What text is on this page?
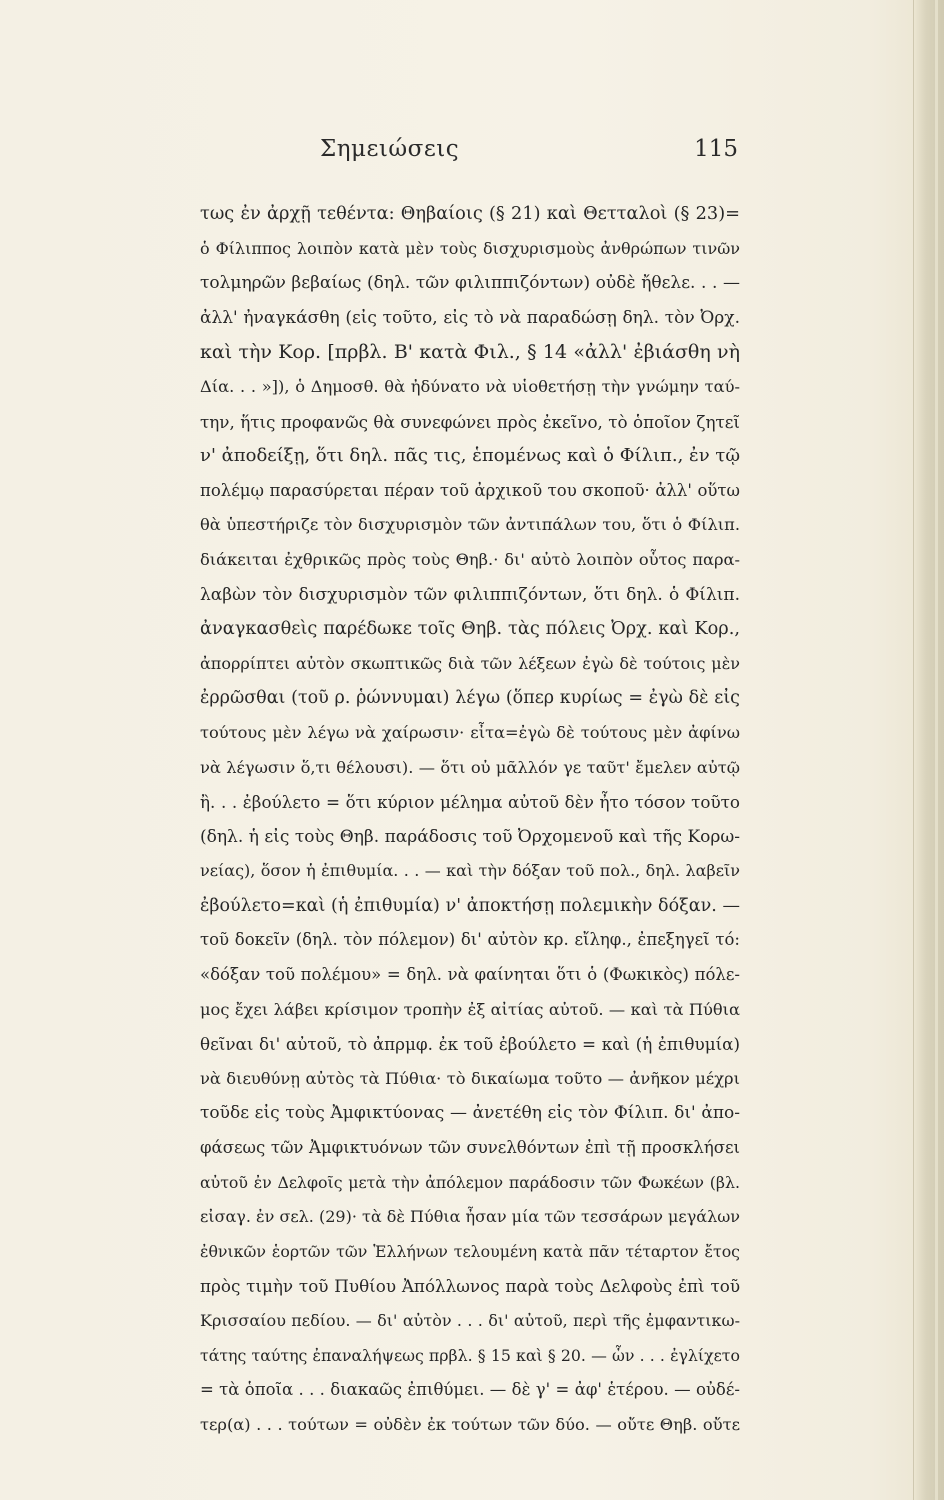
Σημειώσεις	115
τως ἐν ἀρχῇ τεθέντα: Θηβαίοις (§ 21) καὶ Θετταλοὶ (§ 23)=
ὁ Φίλιππος λοιπὸν κατὰ μὲν τοὺς δισχυρισμοὺς ἀνθρώπων τινῶν
τολμηρῶν βεβαίως (δηλ. τῶν φιλιππιζόντων) οὐδὲ ἤθελε. . . —
ἀλλ' ἠναγκάσθη (εἰς τοῦτο, εἰς τὸ νὰ παραδώσῃ δηλ. τὸν Ὀρχ.
καὶ τὴν Κορ. [πρβλ. Β' κατὰ Φιλ., § 14 «ἀλλ' ἐβιάσθη νὴ
Δία. . . »]), ὁ Δημοσθ. θὰ ἠδύνατο νὰ υἱοθετήσῃ τὴν γνώμην ταύ-
την, ἥτις προφανῶς θὰ συνεφώνει πρὸς ἐκεῖνο, τὸ ὁποῖον ζητεῖ
ν' ἀποδείξῃ, ὅτι δηλ. πᾶς τις, ἑπομένως καὶ ὁ Φίλιπ., ἐν τῷ
πολέμῳ παρασύρεται πέραν τοῦ ἀρχικοῦ του σκοποῦ· ἀλλ' οὕτω
θὰ ὑπεστήριζε τὸν δισχυρισμὸν τῶν ἀντιπάλων του, ὅτι ὁ Φίλιπ.
διάκειται ἐχθρικῶς πρὸς τοὺς Θηβ.· δι' αὐτὸ λοιπὸν οὗτος παρα-
λαβὼν τὸν δισχυρισμὸν τῶν φιλιππιζόντων, ὅτι δηλ. ὁ Φίλιπ.
ἀναγκασθεὶς παρέδωκε τοῖς Θηβ. τὰς πόλεις Ὀρχ. καὶ Κορ.,
ἀπορρίπτει αὐτὸν σκωπτικῶς διὰ τῶν λέξεων ἐγὼ δὲ τούτοις μὲν
ἐρρῶσθαι (τοῦ ρ. ῥώννυμαι) λέγω (ὅπερ κυρίως = ἐγὼ δὲ εἰς
τούτους μὲν λέγω νὰ χαίρωσιν· εἶτα=ἐγὼ δὲ τούτους μὲν ἀφίνω
νὰ λέγωσιν ὅ,τι θέλουσι). — ὅτι οὐ μᾶλλόν γε ταῦτ' ἔμελεν αὐτῷ
ἢ. . . ἐβούλετο = ὅτι κύριον μέλημα αὐτοῦ δὲν ἦτο τόσον τοῦτο
(δηλ. ἡ εἰς τοὺς Θηβ. παράδοσις τοῦ Ὀρχομενοῦ καὶ τῆς Κορω-
νείας), ὅσον ἡ ἐπιθυμία. . . — καὶ τὴν δόξαν τοῦ πολ., δηλ. λαβεῖν
ἐβούλετο=καὶ (ἡ ἐπιθυμία) ν' ἀποκτήσῃ πολεμικὴν δόξαν. —
τοῦ δοκεῖν (δηλ. τὸν πόλεμον) δι' αὐτὸν κρ. εἴληφ., ἐπεξηγεῖ τό:
«δόξαν τοῦ πολέμου» = δηλ. νὰ φαίνηται ὅτι ὁ (Φωκικὸς) πόλε-
μος ἔχει λάβει κρίσιμον τροπὴν ἐξ αἰτίας αὐτοῦ. — καὶ τὰ Πύθια
θεῖναι δι' αὐτοῦ, τὸ ἀπρμφ. ἐκ τοῦ ἐβούλετο = καὶ (ἡ ἐπιθυμία)
νὰ διευθύνῃ αὐτὸς τὰ Πύθια· τὸ δικαίωμα τοῦτο — ἀνῆκον μέχρι
τοῦδε εἰς τοὺς Ἀμφικτύονας — ἀνετέθη εἰς τὸν Φίλιπ. δι' ἀπο-
φάσεως τῶν Ἀμφικτυόνων τῶν συνελθόντων ἐπὶ τῇ προσκλήσει
αὐτοῦ ἐν Δελφοῖς μετὰ τὴν ἀπόλεμον παράδοσιν τῶν Φωκέων (βλ.
εἰσαγ. ἐν σελ. (29)· τὰ δὲ Πύθια ἦσαν μία τῶν τεσσάρων μεγάλων
ἐθνικῶν ἑορτῶν τῶν Ἑλλήνων τελουμένη κατὰ πᾶν τέταρτον ἔτος
πρὸς τιμὴν τοῦ Πυθίου Ἀπόλλωνος παρὰ τοὺς Δελφοὺς ἐπὶ τοῦ
Κρισσαίου πεδίου. — δι' αὐτὸν . . . δι' αὐτοῦ, περὶ τῆς ἐμφαντικω-
τάτης ταύτης ἐπαναλήψεως πρβλ. § 15 καὶ § 20. — ὧν . . . ἐγλίχετο
= τὰ ὁποῖα . . . διακαῶς ἐπιθύμει. — δὲ γ' = ἀφ' ἑτέρου. — οὐδέ-
τερ(α) . . . τούτων = οὐδὲν ἐκ τούτων τῶν δύο. — οὔτε Θηβ. οὔτε
